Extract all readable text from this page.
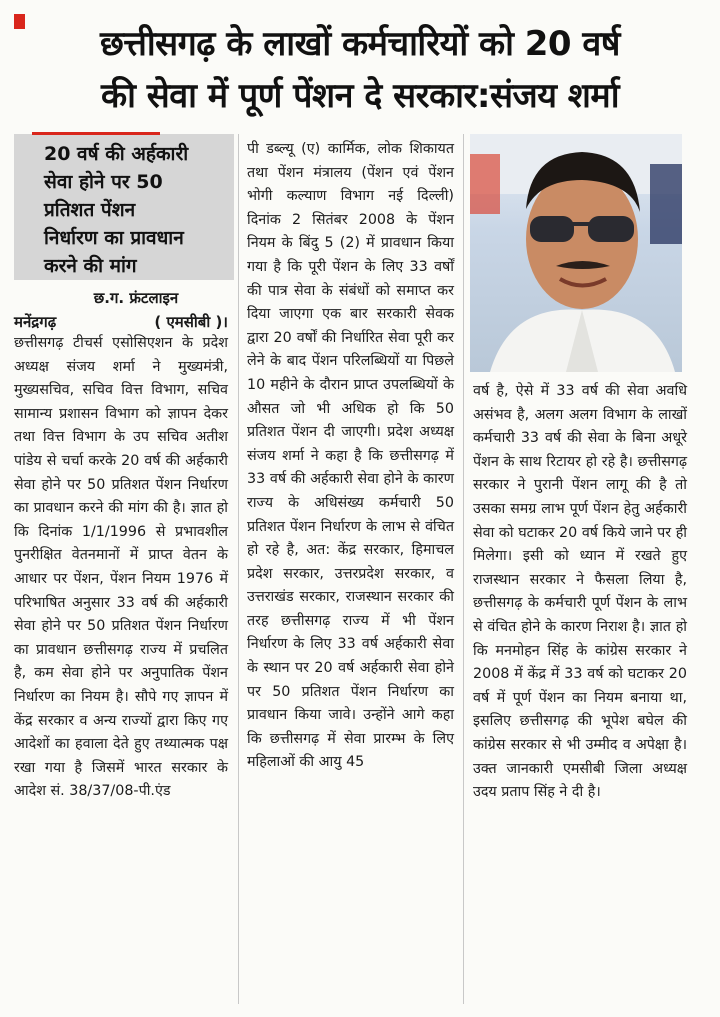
छत्तीसगढ़ के लाखों कर्मचारियों को 20 वर्ष
की सेवा में पूर्ण पेंशन दे सरकार:संजय शर्मा
20 वर्ष की अर्हकारी
सेवा होने पर 50
प्रतिशत पेंशन
निर्धारण का प्रावधान
करने की मांग
छ.ग. फ्रंटलाइन
मनेंद्रगढ़	( एमसीबी )।
छत्तीसगढ़ टीचर्स एसोसिएशन के प्रदेश अध्यक्ष संजय शर्मा ने मुख्यमंत्री, मुख्यसचिव, सचिव वित्त विभाग, सचिव सामान्य प्रशासन विभाग को ज्ञापन देकर तथा वित्त विभाग के उप सचिव अतीश पांडेय से चर्चा करके 20 वर्ष की अर्हकारी सेवा होने पर 50 प्रतिशत पेंशन निर्धारण का प्रावधान करने की मांग की है। ज्ञात हो कि दिनांक 1/1/1996 से प्रभावशील पुनरीक्षित वेतनमानों में प्राप्त वेतन के आधार पर पेंशन, पेंशन नियम 1976 में परिभाषित अनुसार 33 वर्ष की अर्हकारी सेवा होने पर 50 प्रतिशत पेंशन निर्धारण का प्रावधान छत्तीसगढ़ राज्य में प्रचलित है, कम सेवा होने पर अनुपातिक पेंशन निर्धारण का नियम है। सौपे गए ज्ञापन में केंद्र सरकार व अन्य राज्यों द्वारा किए गए आदेशों का हवाला देते हुए तथ्यात्मक पक्ष रखा गया है जिसमें भारत सरकार के आदेश सं. 38/37/08-पी.एंड
पी डब्ल्यू (ए) कार्मिक, लोक शिकायत तथा पेंशन मंत्रालय (पेंशन एवं पेंशन भोगी कल्याण विभाग नई दिल्ली) दिनांक 2 सितंबर 2008 के पेंशन नियम के बिंदु 5 (2) में प्रावधान किया गया है कि पूरी पेंशन के लिए 33 वर्षों की पात्र सेवा के संबंधों को समाप्त कर दिया जाएगा एक बार सरकारी सेवक द्वारा 20 वर्षों की निर्धारित सेवा पूरी कर लेने के बाद पेंशन परिलब्धियों या पिछले 10 महीने के दौरान प्राप्त उपलब्धियों के औसत जो भी अधिक हो कि 50 प्रतिशत पेंशन दी जाएगी। प्रदेश अध्यक्ष संजय शर्मा ने कहा है कि छत्तीसगढ़ में 33 वर्ष की अर्हकारी सेवा होने के कारण राज्य के अधिसंख्य कर्मचारी 50 प्रतिशत पेंशन निर्धारण के लाभ से वंचित हो रहे है, अत: केंद्र सरकार, हिमाचल प्रदेश सरकार, उत्तरप्रदेश सरकार, व उत्तराखंड सरकार, राजस्थान सरकार की तरह छत्तीसगढ़ राज्य में भी पेंशन निर्धारण के लिए 33 वर्ष अर्हकारी सेवा के स्थान पर 20 वर्ष अर्हकारी सेवा होने पर 50 प्रतिशत पेंशन निर्धारण का प्रावधान किया जावे। उन्होंने आगे कहा कि छत्तीसगढ़ में सेवा प्रारम्भ के लिए महिलाओं की आयु 45
वर्ष है, ऐसे में 33 वर्ष की सेवा अवधि असंभव है, अलग अलग विभाग के लाखों कर्मचारी 33 वर्ष की सेवा के बिना अधूरे पेंशन के साथ रिटायर हो रहे है। छत्तीसगढ़ सरकार ने पुरानी पेंशन लागू की है तो उसका समग्र लाभ पूर्ण पेंशन हेतु अर्हकारी सेवा को घटाकर 20 वर्ष किये जाने पर ही मिलेगा। इसी को ध्यान में रखते हुए राजस्थान सरकार ने फैसला लिया है, छत्तीसगढ़ के कर्मचारी पूर्ण पेंशन के लाभ से वंचित होने के कारण निराश है। ज्ञात हो कि मनमोहन सिंह के कांग्रेस सरकार ने 2008 में केंद्र में 33 वर्ष को घटाकर 20 वर्ष में पूर्ण पेंशन का नियम बनाया था, इसलिए छत्तीसगढ़ की भूपेश बघेल की कांग्रेस सरकार से भी उम्मीद व अपेक्षा है। उक्त जानकारी एमसीबी जिला अध्यक्ष उदय प्रताप सिंह ने दी है।
